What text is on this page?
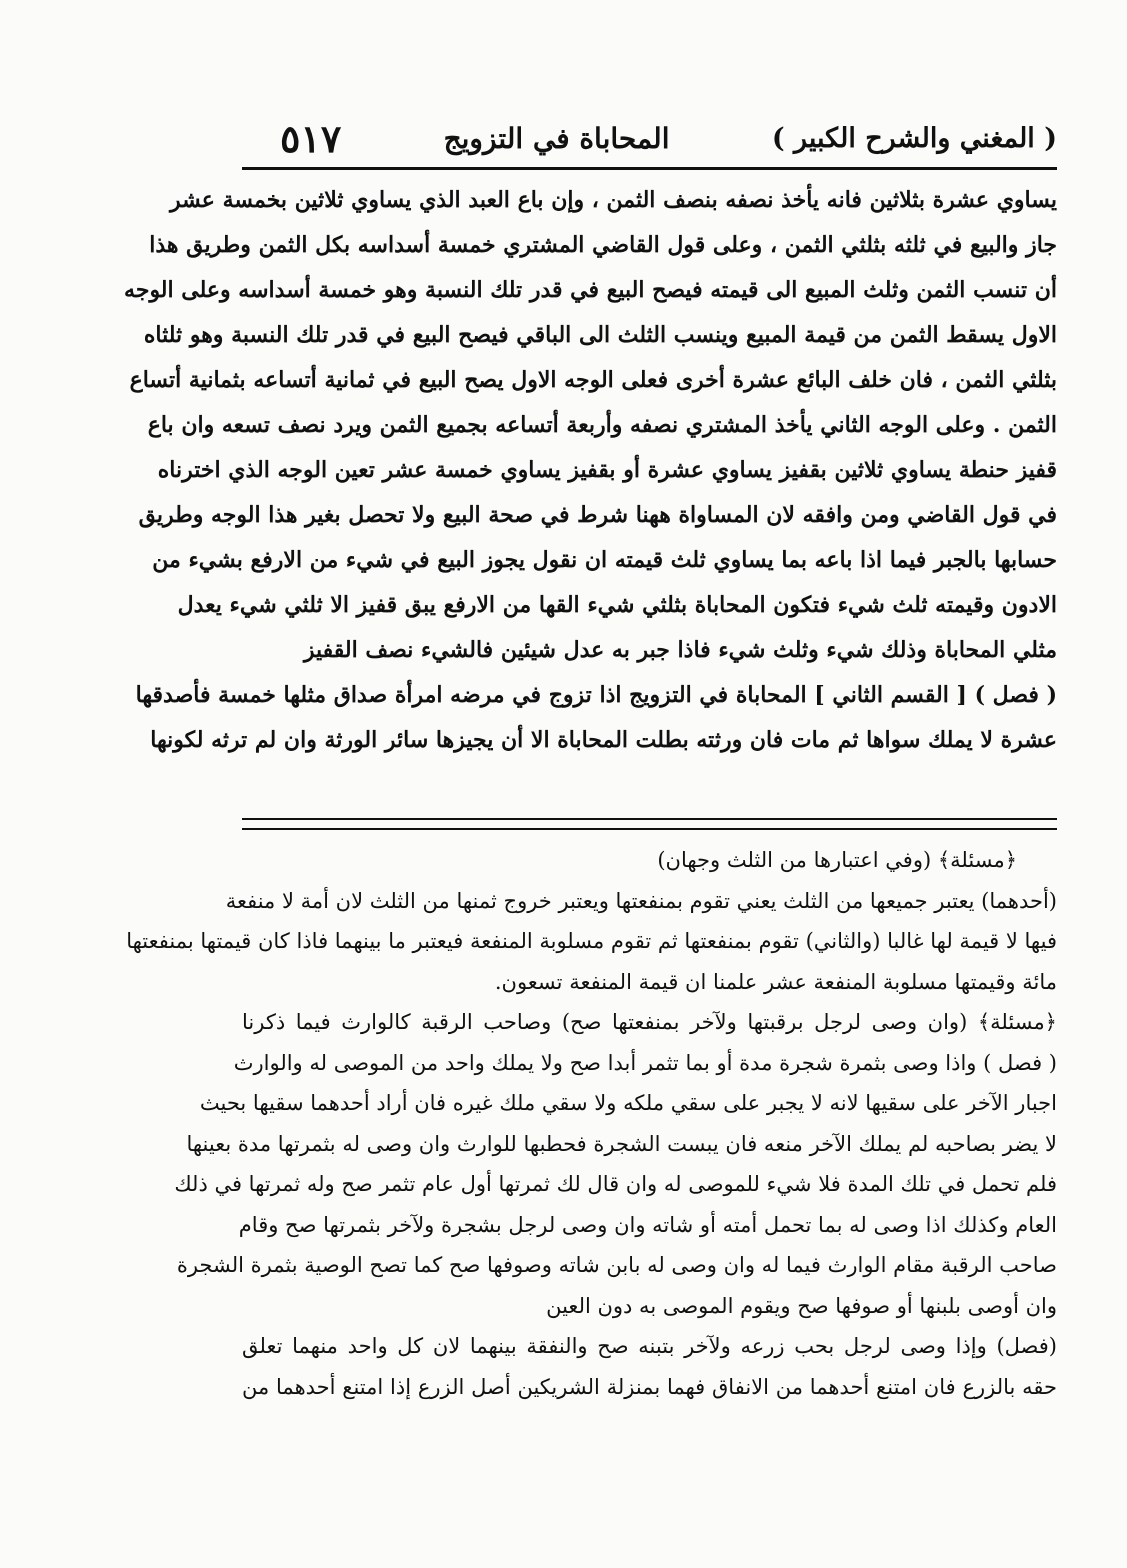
( المغني والشرح الكبير )
المحاباة في التزويج
٥١٧
يساوي عشرة بثلاثين فانه يأخذ نصفه بنصف الثمن ، وإن باع العبد الذي يساوي ثلاثين بخمسة عشر
جاز والبيع في ثلثه بثلثي الثمن ، وعلى قول القاضي المشتري خمسة أسداسه بكل الثمن وطريق هذا
أن تنسب الثمن وثلث المبيع الى قيمته فيصح البيع في قدر تلك النسبة وهو خمسة أسداسه وعلى الوجه
الاول يسقط الثمن من قيمة المبيع وينسب الثلث الى الباقي فيصح البيع في قدر تلك النسبة وهو ثلثاه
بثلثي الثمن ، فان خلف البائع عشرة أخرى فعلى الوجه الاول يصح البيع في ثمانية أتساعه بثمانية أتساع
الثمن . وعلى الوجه الثاني يأخذ المشتري نصفه وأربعة أتساعه بجميع الثمن ويرد نصف تسعه وان باع
قفيز حنطة يساوي ثلاثين بقفيز يساوي عشرة أو بقفيز يساوي خمسة عشر تعين الوجه الذي اخترناه
في قول القاضي ومن وافقه لان المساواة ههنا شرط في صحة البيع ولا تحصل بغير هذا الوجه وطريق
حسابها بالجبر فيما اذا باعه بما يساوي ثلث قيمته ان نقول يجوز البيع في شيء من الارفع بشيء من
الادون وقيمته ثلث شيء فتكون المحاباة بثلثي شيء القها من الارفع يبق قفيز الا ثلثي شيء يعدل
مثلي المحاباة وذلك شيء وثلث شيء فاذا جبر به عدل شيئين فالشيء نصف القفيز
( فصل ) [ القسم الثاني ] المحاباة في التزويج اذا تزوج في مرضه امرأة صداق مثلها خمسة فأصدقها
عشرة لا يملك سواها ثم مات فان ورثته بطلت المحاباة الا أن يجيزها سائر الورثة وان لم ترثه لكونها
﴿مسئلة﴾ (وفي اعتبارها من الثلث وجهان)
(أحدهما) يعتبر جميعها من الثلث يعني تقوم بمنفعتها ويعتبر خروج ثمنها من الثلث لان أمة لا منفعة
فيها لا قيمة لها غالبا (والثاني) تقوم بمنفعتها ثم تقوم مسلوبة المنفعة فيعتبر ما بينهما فاذا كان قيمتها بمنفعتها
مائة وقيمتها مسلوبة المنفعة عشر علمنا ان قيمة المنفعة تسعون.
﴿مسئلة﴾ (وان وصى لرجل برقبتها ولآخر بمنفعتها صح) وصاحب الرقبة كالوارث فيما ذكرنا
( فصل ) واذا وصى بثمرة شجرة مدة أو بما تثمر أبدا صح ولا يملك واحد من الموصى له والوارث
اجبار الآخر على سقيها لانه لا يجبر على سقي ملكه ولا سقي ملك غيره فان أراد أحدهما سقيها بحيث
لا يضر بصاحبه لم يملك الآخر منعه فان يبست الشجرة فحطبها للوارث وان وصى له بثمرتها مدة بعينها
فلم تحمل في تلك المدة فلا شيء للموصى له وان قال لك ثمرتها أول عام تثمر صح وله ثمرتها في ذلك
العام وكذلك اذا وصى له بما تحمل أمته أو شاته وان وصى لرجل بشجرة ولآخر بثمرتها صح وقام
صاحب الرقبة مقام الوارث فيما له وان وصى له بابن شاته وصوفها صح كما تصح الوصية بثمرة الشجرة
وان أوصى بلبنها أو صوفها صح ويقوم الموصى به دون العين
(فصل) وإذا وصى لرجل بحب زرعه ولآخر بتبنه صح والنفقة بينهما لان كل واحد منهما تعلق
حقه بالزرع فان امتنع أحدهما من الانفاق فهما بمنزلة الشريكين أصل الزرع إذا امتنع أحدهما من
